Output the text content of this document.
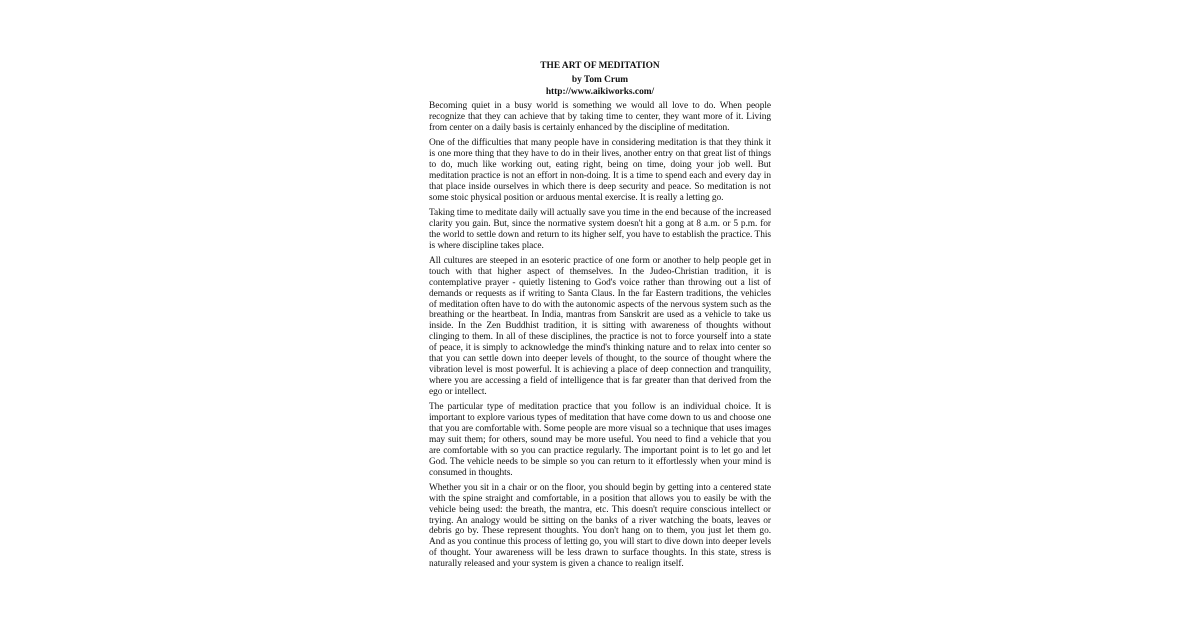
THE ART OF MEDITATION
by Tom Crum
http://www.aikiworks.com/

Becoming quiet in a busy world is something we would all love to do. When people recognize that they can achieve that by taking time to center, they want more of it. Living from center on a daily basis is certainly enhanced by the discipline of meditation.

One of the difficulties that many people have in considering meditation is that they think it is one more thing that they have to do in their lives, another entry on that great list of things to do, much like working out, eating right, being on time, doing your job well. But meditation practice is not an effort in non-doing. It is a time to spend each and every day in that place inside ourselves in which there is deep security and peace. So meditation is not some stoic physical position or arduous mental exercise. It is really a letting go.

Taking time to meditate daily will actually save you time in the end because of the increased clarity you gain. But, since the normative system doesn't hit a gong at 8 a.m. or 5 p.m. for the world to settle down and return to its higher self, you have to establish the practice. This is where discipline takes place.

All cultures are steeped in an esoteric practice of one form or another to help people get in touch with that higher aspect of themselves. In the Judeo-Christian tradition, it is contemplative prayer - quietly listening to God's voice rather than throwing out a list of demands or requests as if writing to Santa Claus. In the far Eastern traditions, the vehicles of meditation often have to do with the autonomic aspects of the nervous system such as the breathing or the heartbeat. In India, mantras from Sanskrit are used as a vehicle to take us inside. In the Zen Buddhist tradition, it is sitting with awareness of thoughts without clinging to them. In all of these disciplines, the practice is not to force yourself into a state of peace, it is simply to acknowledge the mind's thinking nature and to relax into center so that you can settle down into deeper levels of thought, to the source of thought where the vibration level is most powerful. It is achieving a place of deep connection and tranquility, where you are accessing a field of intelligence that is far greater than that derived from the ego or intellect.

The particular type of meditation practice that you follow is an individual choice. It is important to explore various types of meditation that have come down to us and choose one that you are comfortable with. Some people are more visual so a technique that uses images may suit them; for others, sound may be more useful. You need to find a vehicle that you are comfortable with so you can practice regularly. The important point is to let go and let God. The vehicle needs to be simple so you can return to it effortlessly when your mind is consumed in thoughts.

Whether you sit in a chair or on the floor, you should begin by getting into a centered state with the spine straight and comfortable, in a position that allows you to easily be with the vehicle being used: the breath, the mantra, etc. This doesn't require conscious intellect or trying. An analogy would be sitting on the banks of a river watching the boats, leaves or debris go by. These represent thoughts. You don't hang on to them, you just let them go. And as you continue this process of letting go, you will start to dive down into deeper levels of thought. Your awareness will be less drawn to surface thoughts. In this state, stress is naturally released and your system is given a chance to realign itself.
